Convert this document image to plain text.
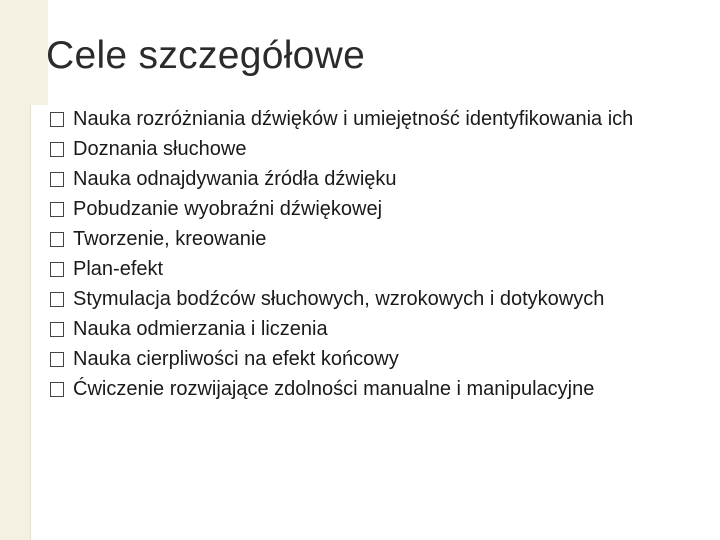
Cele szczegółowe
Nauka rozróżniania dźwięków i umiejętność identyfikowania ich
Doznania słuchowe
Nauka odnajdywania źródła dźwięku
Pobudzanie wyobraźni dźwiękowej
Tworzenie, kreowanie
Plan-efekt
Stymulacja bodźców słuchowych, wzrokowych i dotykowych
Nauka odmierzania i liczenia
Nauka cierpliwości na efekt końcowy
Ćwiczenie rozwijające zdolności manualne i manipulacyjne
